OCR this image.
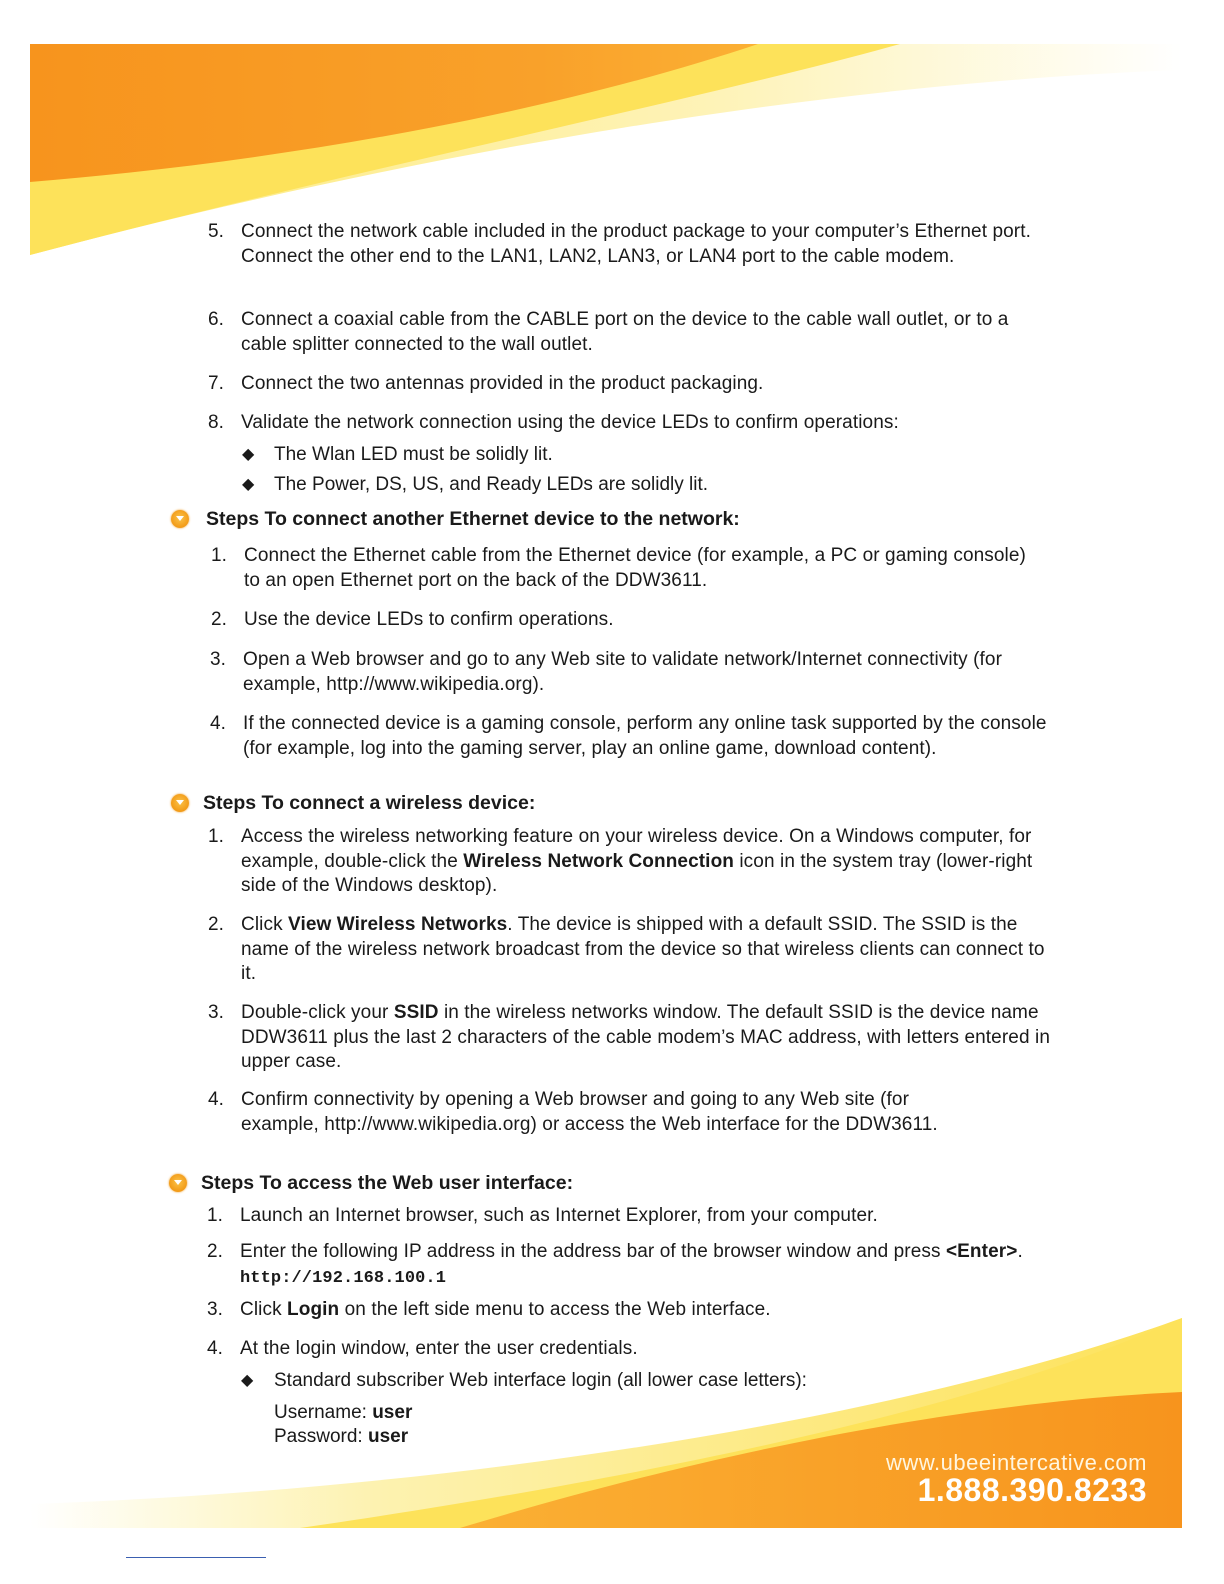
5. Connect the network cable included in the product package to your computer’s Ethernet port. Connect the other end to the LAN1, LAN2, LAN3, or LAN4 port to the cable modem.
6. Connect a coaxial cable from the CABLE port on the device to the cable wall outlet, or to a cable splitter connected to the wall outlet.
7. Connect the two antennas provided in the product packaging.
8. Validate the network connection using the device LEDs to confirm operations:
◆ The Wlan LED must be solidly lit.
◆ The Power, DS, US, and Ready LEDs are solidly lit.
Steps To connect another Ethernet device to the network:
1. Connect the Ethernet cable from the Ethernet device (for example, a PC or gaming console) to an open Ethernet port on the back of the DDW3611.
2. Use the device LEDs to confirm operations.
3. Open a Web browser and go to any Web site to validate network/Internet connectivity (for example, http://www.wikipedia.org).
4. If the connected device is a gaming console, perform any online task supported by the console (for example, log into the gaming server, play an online game, download content).
Steps To connect a wireless device:
1. Access the wireless networking feature on your wireless device. On a Windows computer, for example, double-click the Wireless Network Connection icon in the system tray (lower-right side of the Windows desktop).
2. Click View Wireless Networks. The device is shipped with a default SSID. The SSID is the name of the wireless network broadcast from the device so that wireless clients can connect to it.
3. Double-click your SSID in the wireless networks window. The default SSID is the device name DDW3611 plus the last 2 characters of the cable modem’s MAC address, with letters entered in upper case.
4. Confirm connectivity by opening a Web browser and going to any Web site (for example, http://www.wikipedia.org) or access the Web interface for the DDW3611.
Steps To access the Web user interface:
1. Launch an Internet browser, such as Internet Explorer, from your computer.
2. Enter the following IP address in the address bar of the browser window and press <Enter>. http://192.168.100.1
3. Click Login on the left side menu to access the Web interface.
4. At the login window, enter the user credentials.
◆ Standard subscriber Web interface login (all lower case letters):
Username: user
Password: user
www.ubeeintercative.com
1.888.390.8233
